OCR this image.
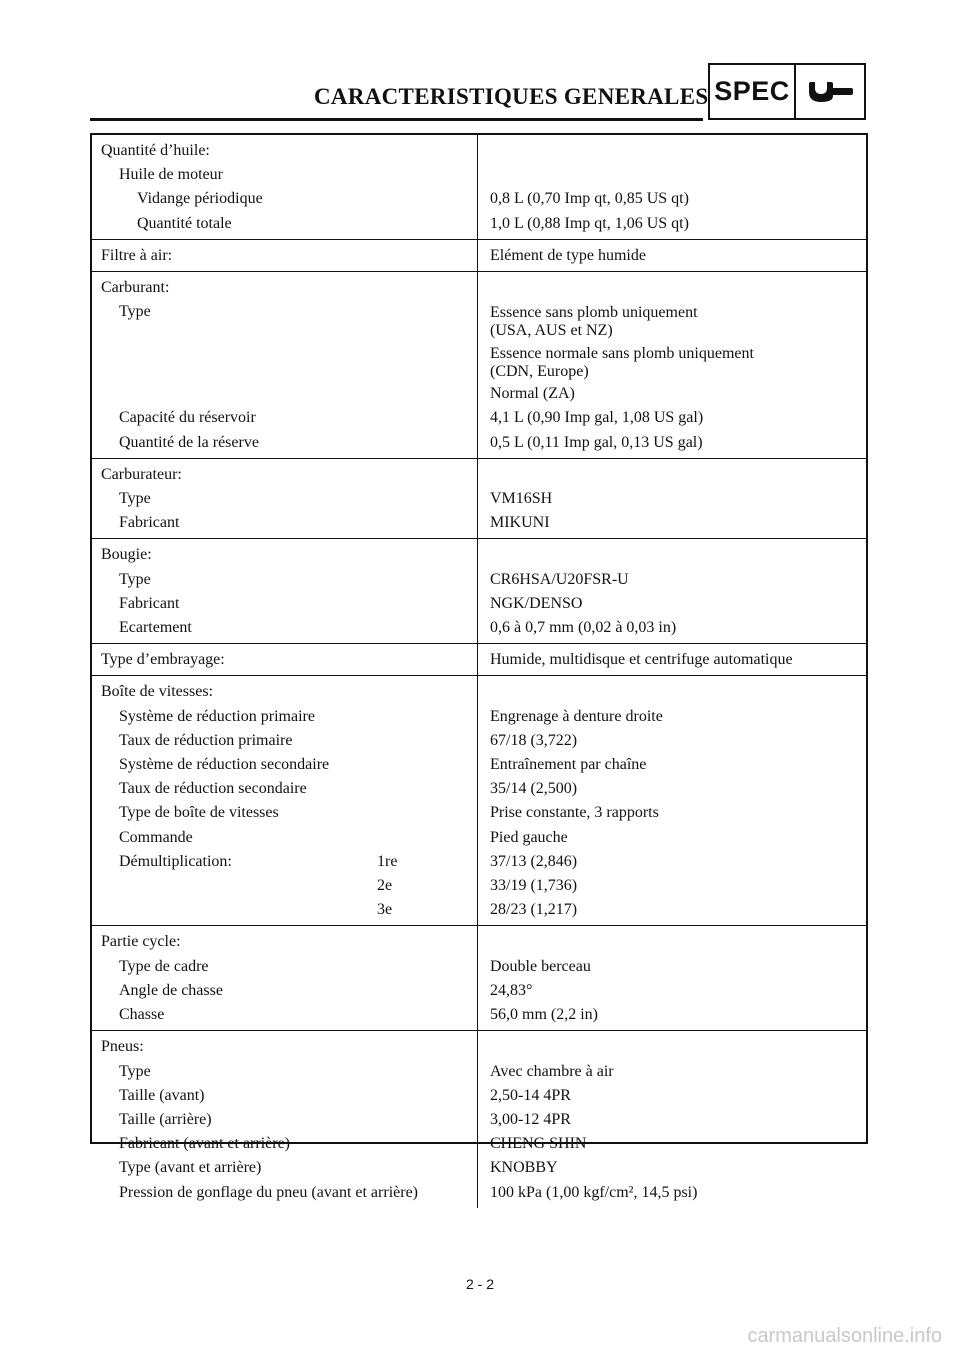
CARACTERISTIQUES GENERALES SPEC
Quantité d’huile:
Huile de moteur
Vidange périodique	0,8 L (0,70 Imp qt, 0,85 US qt)
Quantité totale	1,0 L (0,88 Imp qt, 1,06 US qt)
Filtre à air:	Elément de type humide
Carburant:
Type	Essence sans plomb uniquement
(USA, AUS et NZ)
Essence normale sans plomb uniquement
(CDN, Europe)
Normal (ZA)
Capacité du réservoir	4,1 L (0,90 Imp gal, 1,08 US gal)
Quantité de la réserve	0,5 L (0,11 Imp gal, 0,13 US gal)
Carburateur:
Type	VM16SH
Fabricant	MIKUNI
Bougie:
Type	CR6HSA/U20FSR-U
Fabricant	NGK/DENSO
Ecartement	0,6 à 0,7 mm (0,02 à 0,03 in)
Type d’embrayage:	Humide, multidisque et centrifuge automatique
Boîte de vitesses:
Système de réduction primaire	Engrenage à denture droite
Taux de réduction primaire	67/18 (3,722)
Système de réduction secondaire	Entraînement par chaîne
Taux de réduction secondaire	35/14 (2,500)
Type de boîte de vitesses	Prise constante, 3 rapports
Commande	Pied gauche
Démultiplication:	1re	37/13 (2,846)
2e	33/19 (1,736)
3e	28/23 (1,217)
Partie cycle:
Type de cadre	Double berceau
Angle de chasse	24,83°
Chasse	56,0 mm (2,2 in)
Pneus:
Type	Avec chambre à air
Taille (avant)	2,50-14 4PR
Taille (arrière)	3,00-12 4PR
Fabricant (avant et arrière)	CHENG SHIN
Type (avant et arrière)	KNOBBY
Pression de gonflage du pneu (avant et arrière)	100 kPa (1,00 kgf/cm², 14,5 psi)
2 - 2
carmanualsonline.info
